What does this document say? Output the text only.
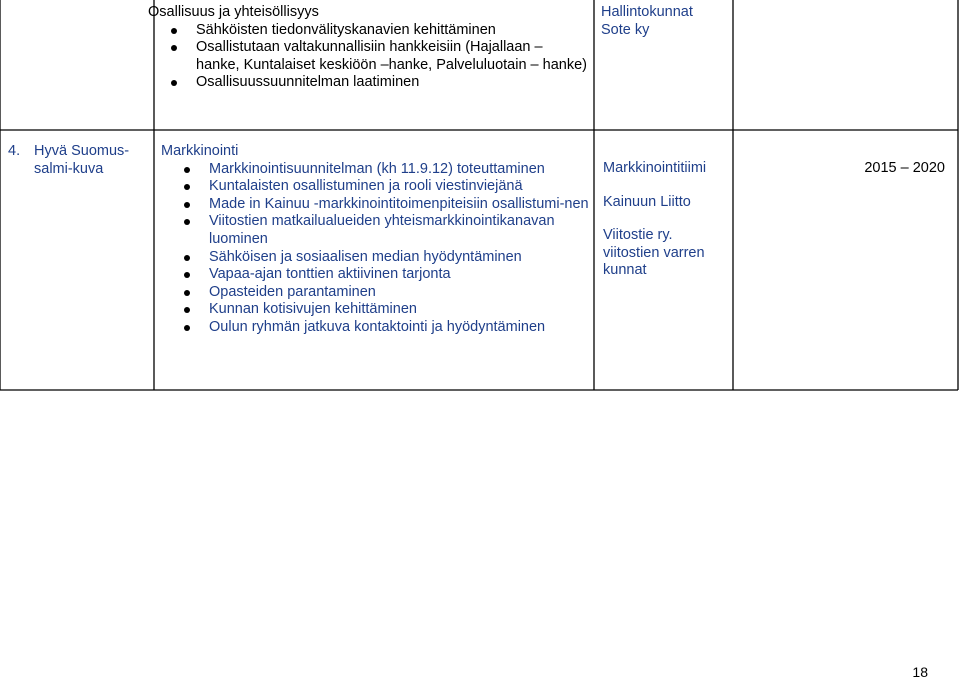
Osallisuus ja yhteisöllisyys
Sähköisten tiedonvälityskanavien kehittäminen
Osallistutaan valtakunnallisiin hankkeisiin (Hajallaan – hanke, Kuntalaiset keskiöön –hanke, Palveluluotain – hanke)
Osallisuussuunnitelman laatiminen
Hallintokunnat
Sote ky
4. Hyvä Suomus-
salmi-kuva
Markkinointi
Markkinointisuunnitelman (kh 11.9.12) toteuttaminen
Kuntalaisten osallistuminen ja rooli viestinviejänä
Made in Kainuu -markkinointitoimenpiteisiin osallistumi-nen
Viitostien matkailualueiden yhteismarkkinointikanavan luominen
Sähköisen ja sosiaalisen median hyödyntäminen
Vapaa-ajan tonttien aktiivinen tarjonta
Opasteiden parantaminen
Kunnan kotisivujen kehittäminen
Oulun ryhmän jatkuva kontaktointi ja hyödyntäminen
Markkinointitiimi
Kainuun Liitto
Viitostie ry.
viitostien varren
kunnat
2015 – 2020
18
